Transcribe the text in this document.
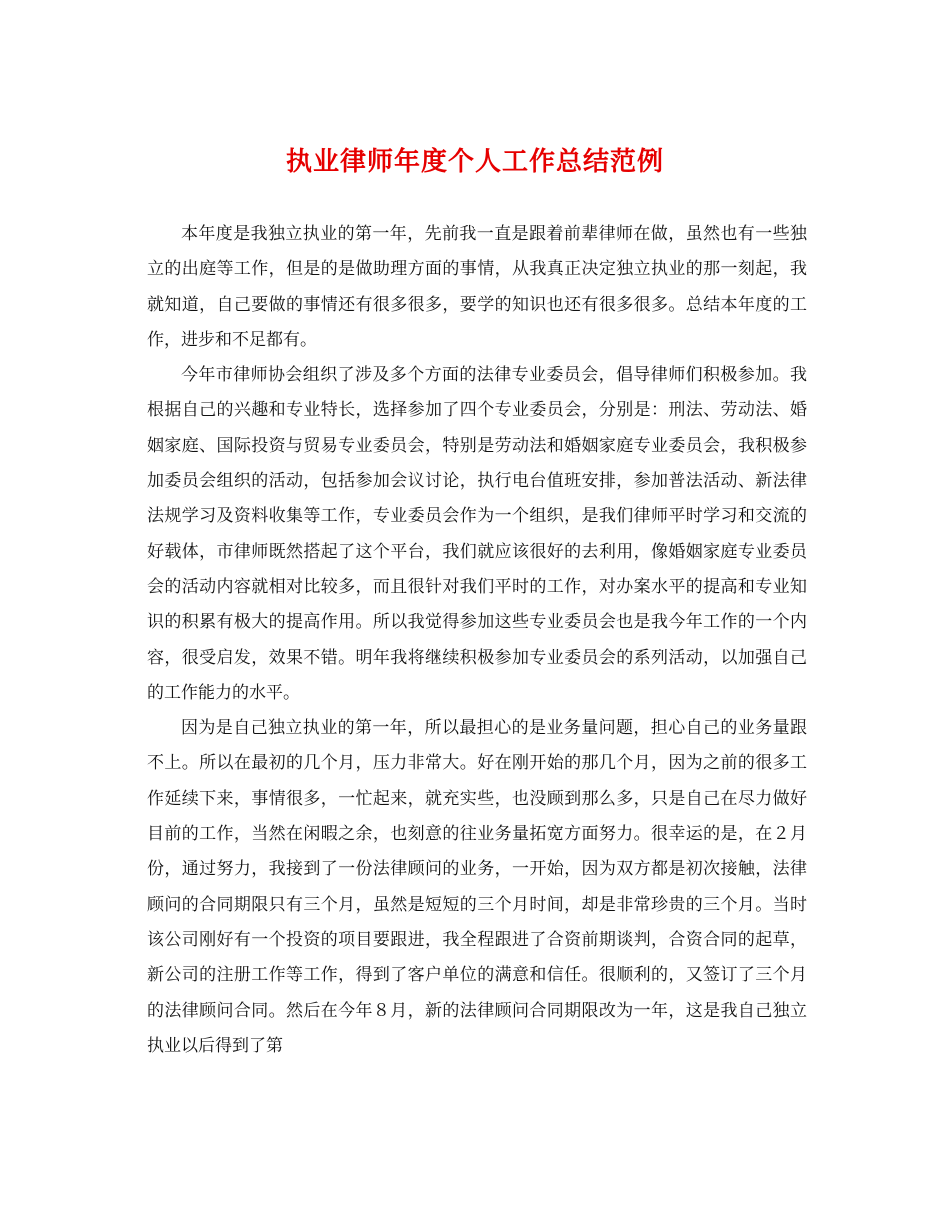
执业律师年度个人工作总结范例

本年度是我独立执业的第一年，先前我一直是跟着前辈律师在做，虽然也有一些独立的出庭等工作，但是的是做助理方面的事情，从我真正决定独立执业的那一刻起，我就知道，自己要做的事情还有很多很多，要学的知识也还有很多很多。总结本年度的工作，进步和不足都有。

今年市律师协会组织了涉及多个方面的法律专业委员会，倡导律师们积极参加。我根据自己的兴趣和专业特长，选择参加了四个专业委员会，分别是：刑法、劳动法、婚姻家庭、国际投资与贸易专业委员会，特别是劳动法和婚姻家庭专业委员会，我积极参加委员会组织的活动，包括参加会议讨论，执行电台值班安排，参加普法活动、新法律法规学习及资料收集等工作，专业委员会作为一个组织，是我们律师平时学习和交流的好载体，市律师既然搭起了这个平台，我们就应该很好的去利用，像婚姻家庭专业委员会的活动内容就相对比较多，而且很针对我们平时的工作，对办案水平的提高和专业知识的积累有极大的提高作用。所以我觉得参加这些专业委员会也是我今年工作的一个内容，很受启发，效果不错。明年我将继续积极参加专业委员会的系列活动，以加强自己的工作能力的水平。

因为是自己独立执业的第一年，所以最担心的是业务量问题，担心自己的业务量跟不上。所以在最初的几个月，压力非常大。好在刚开始的那几个月，因为之前的很多工作延续下来，事情很多，一忙起来，就充实些，也没顾到那么多，只是自己在尽力做好目前的工作，当然在闲暇之余，也刻意的往业务量拓宽方面努力。很幸运的是，在２月份，通过努力，我接到了一份法律顾问的业务，一开始，因为双方都是初次接触，法律顾问的合同期限只有三个月，虽然是短短的三个月时间，却是非常珍贵的三个月。当时该公司刚好有一个投资的项目要跟进，我全程跟进了合资前期谈判，合资合同的起草，新公司的注册工作等工作，得到了客户单位的满意和信任。很顺利的，又签订了三个月的法律顾问合同。然后在今年８月，新的法律顾问合同期限改为一年，这是我自己独立执业以后得到了第
